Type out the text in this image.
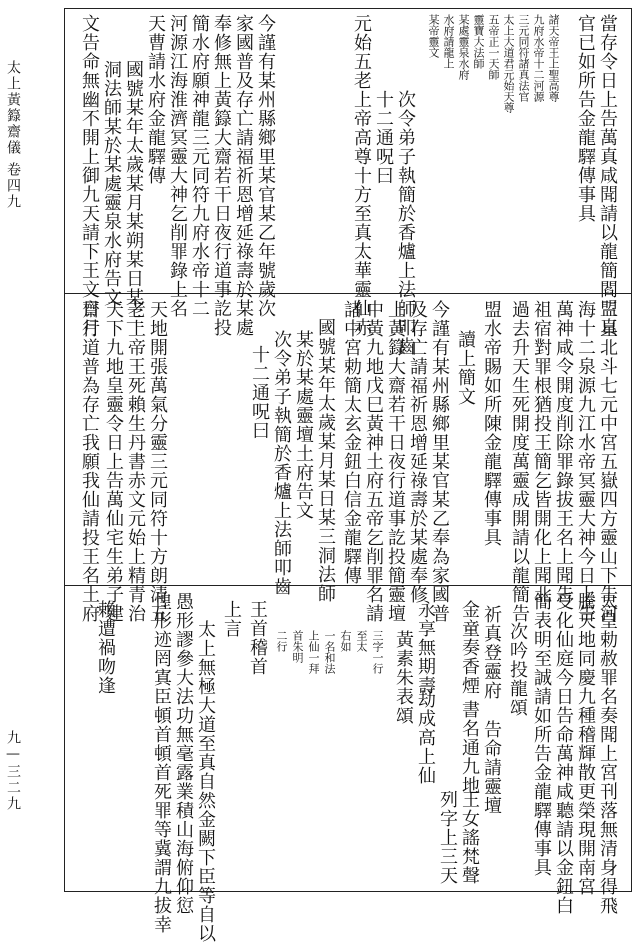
太上黃籙齋儀
卷四九
九—三二九
當存令日上告萬真咸聞請以龍簡閻盟真
官已如所告金龍驛傳事具
諸天帝王上聖高尊
九府水帝十二河源
三元同符諸真法官
太上大道君元始天尊
五帝正一天師
靈寶大法師
某處靈泉水府
水府請龍上
某帝靈文
今謹有某州縣鄉里某官某乙年號歲次
家國普及存亡請福祈恩增延祿壽於某處
奉修無上黃籙大齋若干日夜行道事訖投
簡水府願神龍三元同符九府水帝十二
河源江海淮濟冥靈大神乞削罪錄上名
天曹請水府金龍驛傳
國號某年太歲某月某朔某日某三
洞法師某於某處靈泉水府告文	次令弟子執簡於香爐上法師叩齒
十二通呪曰
元始五老上帝高尊十方至真太華靈仙赤
文告命無幽不開上御九天請下王文日月
三星北斗七元中宮五嶽四方靈山下告河
海十二泉源九江水帝冥靈大神今日上告
萬神咸令開度削除罪錄拔王名上聞告
祖宿對罪根猶投王簡乞皆開化上聞北
過去升天生死開度萬靈成開請以龍簡告
盟水帝賜如所陳金龍驛傳事具
讀上簡文
今謹有某州縣鄉里某官某乙奉為家國普
及存亡請福祈恩增延祿壽於某處奉修
上黃籙大齋若干日夜行道事訖投簡靈壇
中黃九地戊巳黃神土府五帝乞削罪名請
諸中宮勅簡太玄金鈕白信金龍驛傳
國號某年太歲某月某日某三洞法師
某於某處靈壇土府告文
次令弟子執簡於香爐上法師叩齒
十二通呪曰
天地開張萬氣分靈三元同符十方朗清五
老上帝王死賴生丹書赤文元始上精青治
天下九地皇靈令日上告萬仙宅生弟子建
齋行道普為存亡我願我仙請投王名土府
太皇勅赦罪名奏聞上宮刊落無清身得飛
騰天地同慶九種稽輝散更榮現開南宮
受化仙庭今日告命萬神咸聽請以金鈕白
簡表明至誠請如所告金龍驛傳事具
次吟投龍頌
祈真登靈府
告命請靈壇
金童奏香煙
書名通九地
王女謠梵聲
列字上三天
永享無期壽
劫成高上仙
黃素朱表頌
三字一行
至太
右如
一名和法
上仙一拜
首朱明
二行
王首稽首
上言
太上無極大道至真自然金闕下臣等自以
愚形謬參大法功無毫露業積山海俯仰愆
惶形迹罔寘臣頓首頓首死罪等冀謂九拔幸
賴遭禍吻逢
